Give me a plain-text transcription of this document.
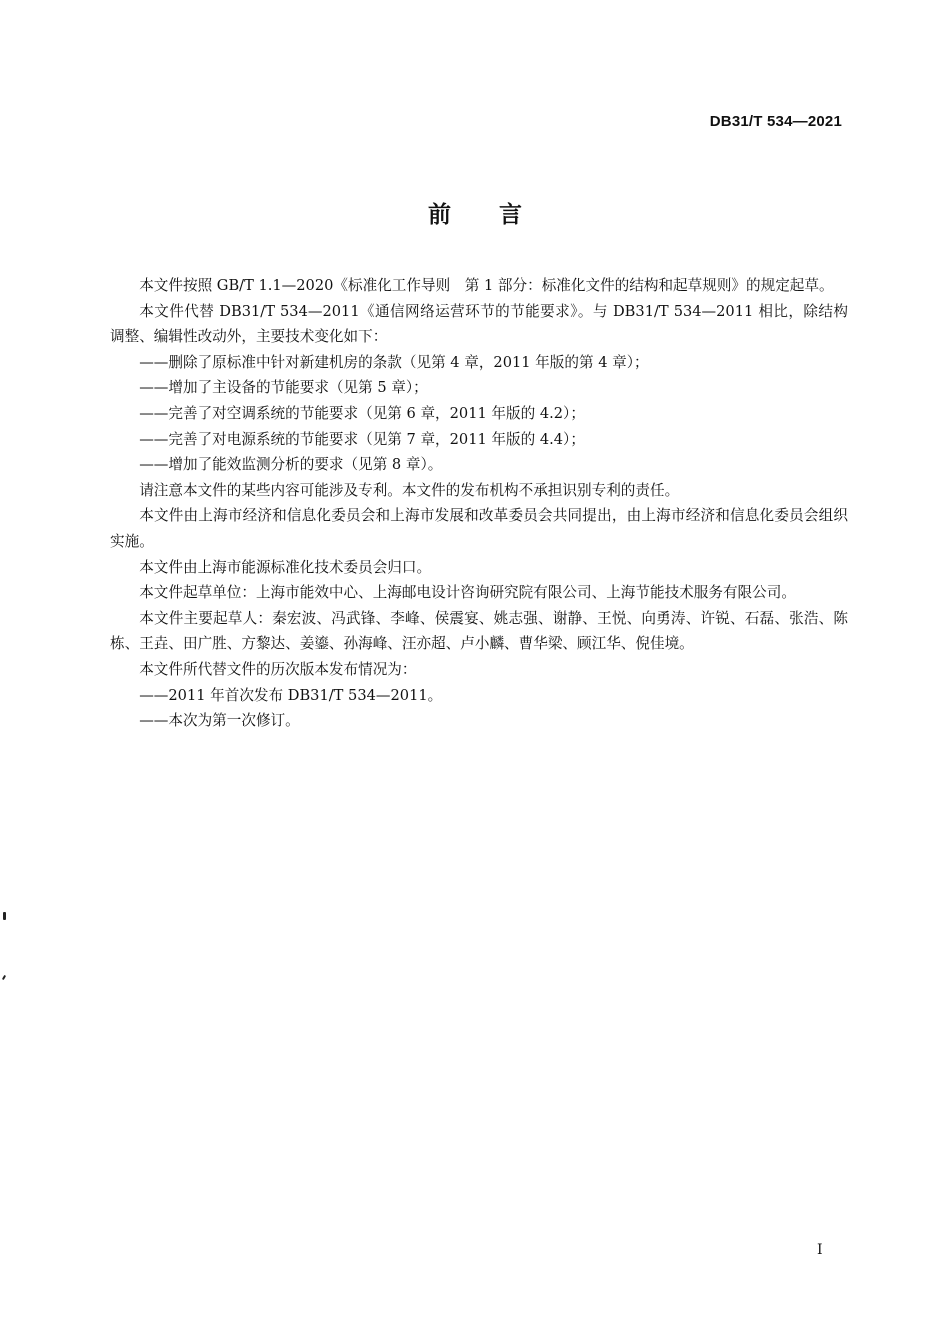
DB31/T 534—2021
前言

本文件按照 GB/T 1.1—2020《标准化工作导则　第 1 部分：标准化文件的结构和起草规则》的规定起草。

本文件代替 DB31/T 534—2011《通信网络运营环节的节能要求》。与 DB31/T 534—2011 相比，除结构调整、编辑性改动外，主要技术变化如下：

——删除了原标准中针对新建机房的条款（见第 4 章，2011 年版的第 4 章）；

——增加了主设备的节能要求（见第 5 章）；

——完善了对空调系统的节能要求（见第 6 章，2011 年版的 4.2）；

——完善了对电源系统的节能要求（见第 7 章，2011 年版的 4.4）；

——增加了能效监测分析的要求（见第 8 章）。

请注意本文件的某些内容可能涉及专利。本文件的发布机构不承担识别专利的责任。

本文件由上海市经济和信息化委员会和上海市发展和改革委员会共同提出，由上海市经济和信息化委员会组织实施。

本文件由上海市能源标准化技术委员会归口。

本文件起草单位：上海市能效中心、上海邮电设计咨询研究院有限公司、上海节能技术服务有限公司。

本文件主要起草人：秦宏波、冯武锋、李峰、侯震宴、姚志强、谢静、王悦、向勇涛、许锐、石磊、张浩、陈栋、王垚、田广胜、方黎达、姜鎏、孙海峰、汪亦超、卢小麟、曹华梁、顾江华、倪佳境。

本文件所代替文件的历次版本发布情况为：

——2011 年首次发布 DB31/T 534—2011。

——本次为第一次修订。

I
